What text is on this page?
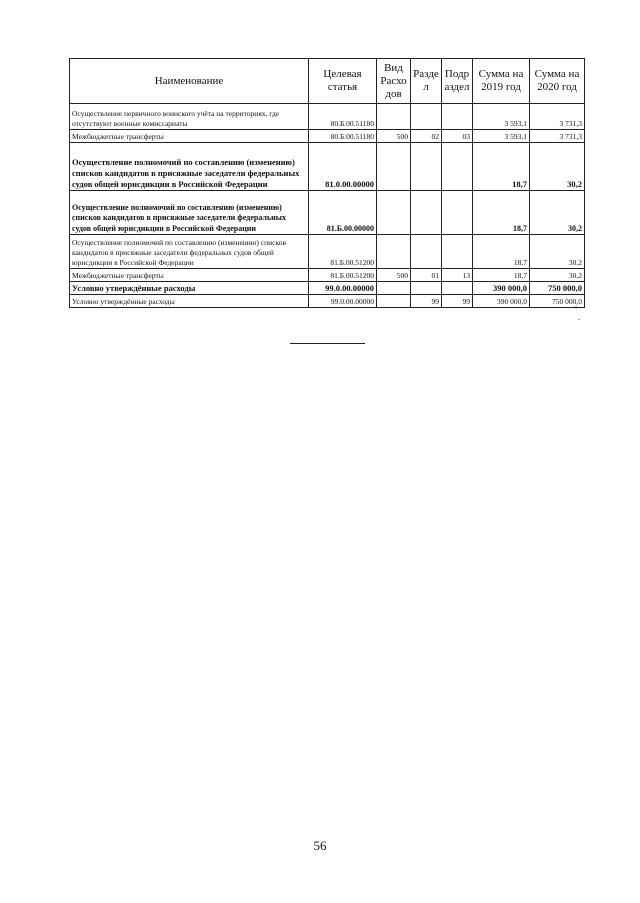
Наименование	Целевая статья	Вид Расхо дов	Разде л	Подр аздел	Сумма на 2019 год	Сумма на 2020 год
Осуществление первичного воинского учёта на территориях, где отсутствуют военные комиссариаты	80.Б.00.51180				3 593,1	3 731,3
Межбюджетные трансферты	80.Б.00.51180	500	02	03	3 593,1	3 731,3
Осуществление полномочий по составлению (изменению) списков кандидатов в присяжные заседатели федеральных судов общей юрисдикции в Российской Федерации	81.0.00.00000				18,7	30,2
Осуществление полномочий по составлению (изменению) списков кандидатов в присяжные заседатели федеральных судов общей юрисдикции в Российской Федерации	81.Б.00.00000				18,7	30,2
Осуществление полномочий по составлению (изменению) списков кандидатов в присяжные заседатели федеральных судов общей юрисдикции в Российской Федерации	81.Б.00.51200				18,7	30,2
Межбюджетные трансферты	81.Б.00.51200	500	01	13	18,7	30,2
Условно утверждённые расходы	99.0.00.00000				390 000,0	750 000,0
Условно утверждённые расходы	99.0.00.00000		99	99	390 000,0	750 000,0
"
.
56
